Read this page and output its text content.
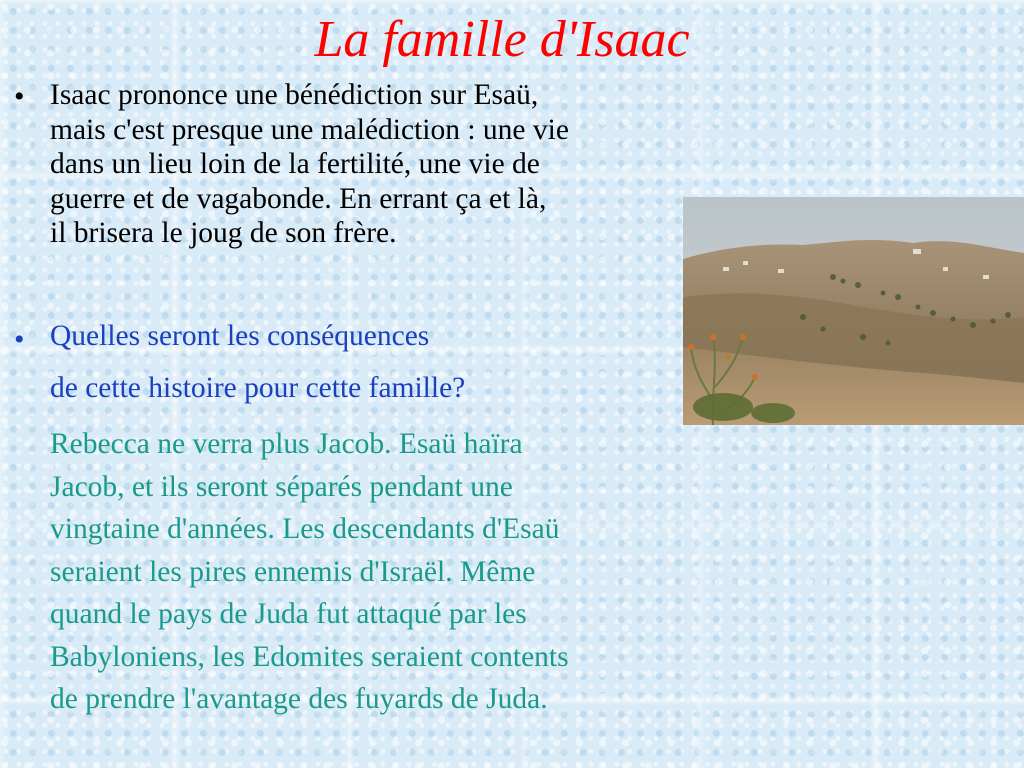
La famille d'Isaac
• Isaac prononce une bénédiction sur Esaü,
mais c'est presque une malédiction : une vie
dans un lieu loin de la fertilité, une vie de
guerre et de vagabonde. En errant ça et là,
il brisera le joug de son frère.
• Quelles seront les conséquences
de cette histoire pour cette famille?
Rebecca ne verra plus Jacob. Esaü haïra
Jacob, et ils seront séparés pendant une
vingtaine d'années. Les descendants d'Esaü
seraient les pires ennemis d'Israël. Même
quand le pays de Juda fut attaqué par les
Babyloniens, les Edomites seraient contents
de prendre l'avantage des fuyards de Juda.
